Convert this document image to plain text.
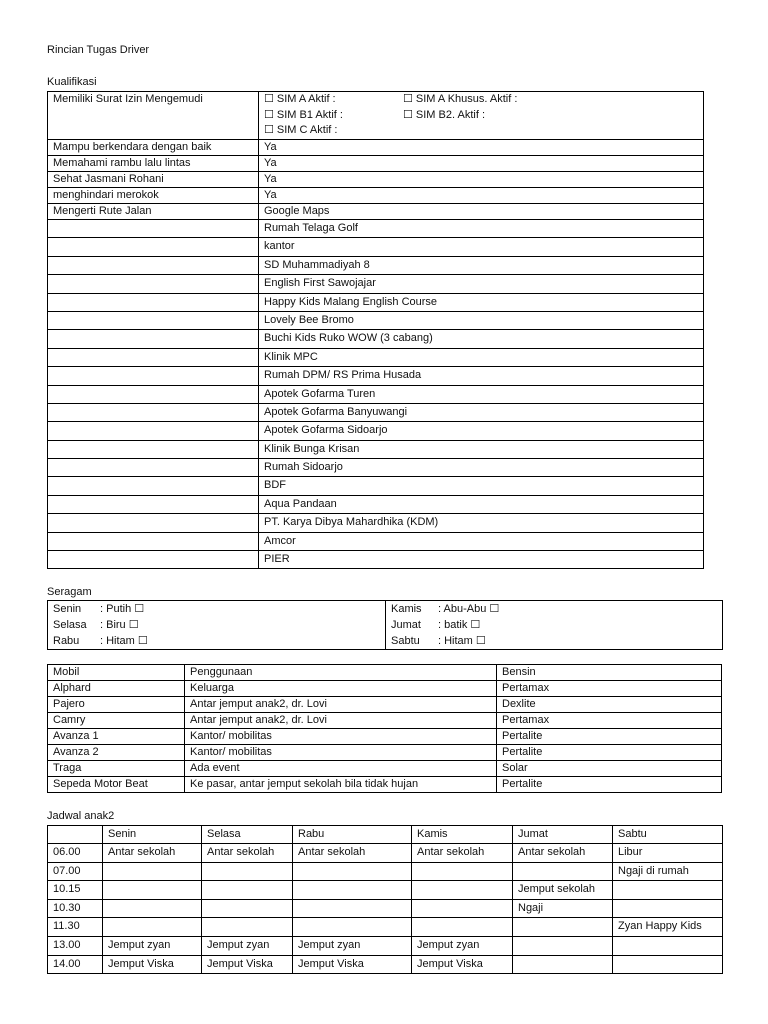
Rincian Tugas Driver
Kualifikasi
Memiliki Surat Izin Mengemudi	☐ SIM A Aktif : ☐ SIM A Khusus. Aktif :
☐ SIM B1 Aktif : ☐ SIM B2. Aktif :
☐ SIM C Aktif :

Mampu berkendara dengan baik	Ya
Memahami rambu lalu lintas	Ya
Sehat Jasmani Rohani	Ya
menghindari merokok	Ya
Mengerti Rute Jalan	Google Maps
	Rumah Telaga Golf
	kantor
	SD Muhammadiyah 8
	English First Sawojajar
	Happy Kids Malang English Course
	Lovely Bee Bromo
	Buchi Kids Ruko WOW (3 cabang)
	Klinik MPC
	Rumah DPM/ RS Prima Husada
	Apotek Gofarma Turen
	Apotek Gofarma Banyuwangi
	Apotek Gofarma Sidoarjo
	Klinik Bunga Krisan
	Rumah Sidoarjo
	BDF
	Aqua Pandaan
	PT. Karya Dibya Mahardhika (KDM)
	Amcor
	PIER
Seragam
Senin : Putih ☐
Selasa : Biru ☐
Rabu : Hitam ☐
Kamis : Abu-Abu ☐
Jumat : batik ☐
Sabtu : Hitam ☐
Mobil	Penggunaan	Bensin
Alphard	Keluarga	Pertamax
Pajero	Antar jemput anak2, dr. Lovi	Dexlite
Camry	Antar jemput anak2, dr. Lovi	Pertamax
Avanza 1	Kantor/ mobilitas	Pertalite
Avanza 2	Kantor/ mobilitas	Pertalite
Traga	Ada event	Solar
Sepeda Motor Beat	Ke pasar, antar jemput sekolah bila tidak hujan	Pertalite
Jadwal anak2
	Senin	Selasa	Rabu	Kamis	Jumat	Sabtu
06.00	Antar sekolah	Antar sekolah	Antar sekolah	Antar sekolah	Antar sekolah	Libur
07.00						Ngaji di rumah
10.15					Jemput sekolah	
10.30					Ngaji	
11.30						Zyan Happy Kids
13.00	Jemput zyan	Jemput zyan	Jemput zyan	Jemput zyan		
14.00	Jemput Viska	Jemput Viska	Jemput Viska	Jemput Viska		
